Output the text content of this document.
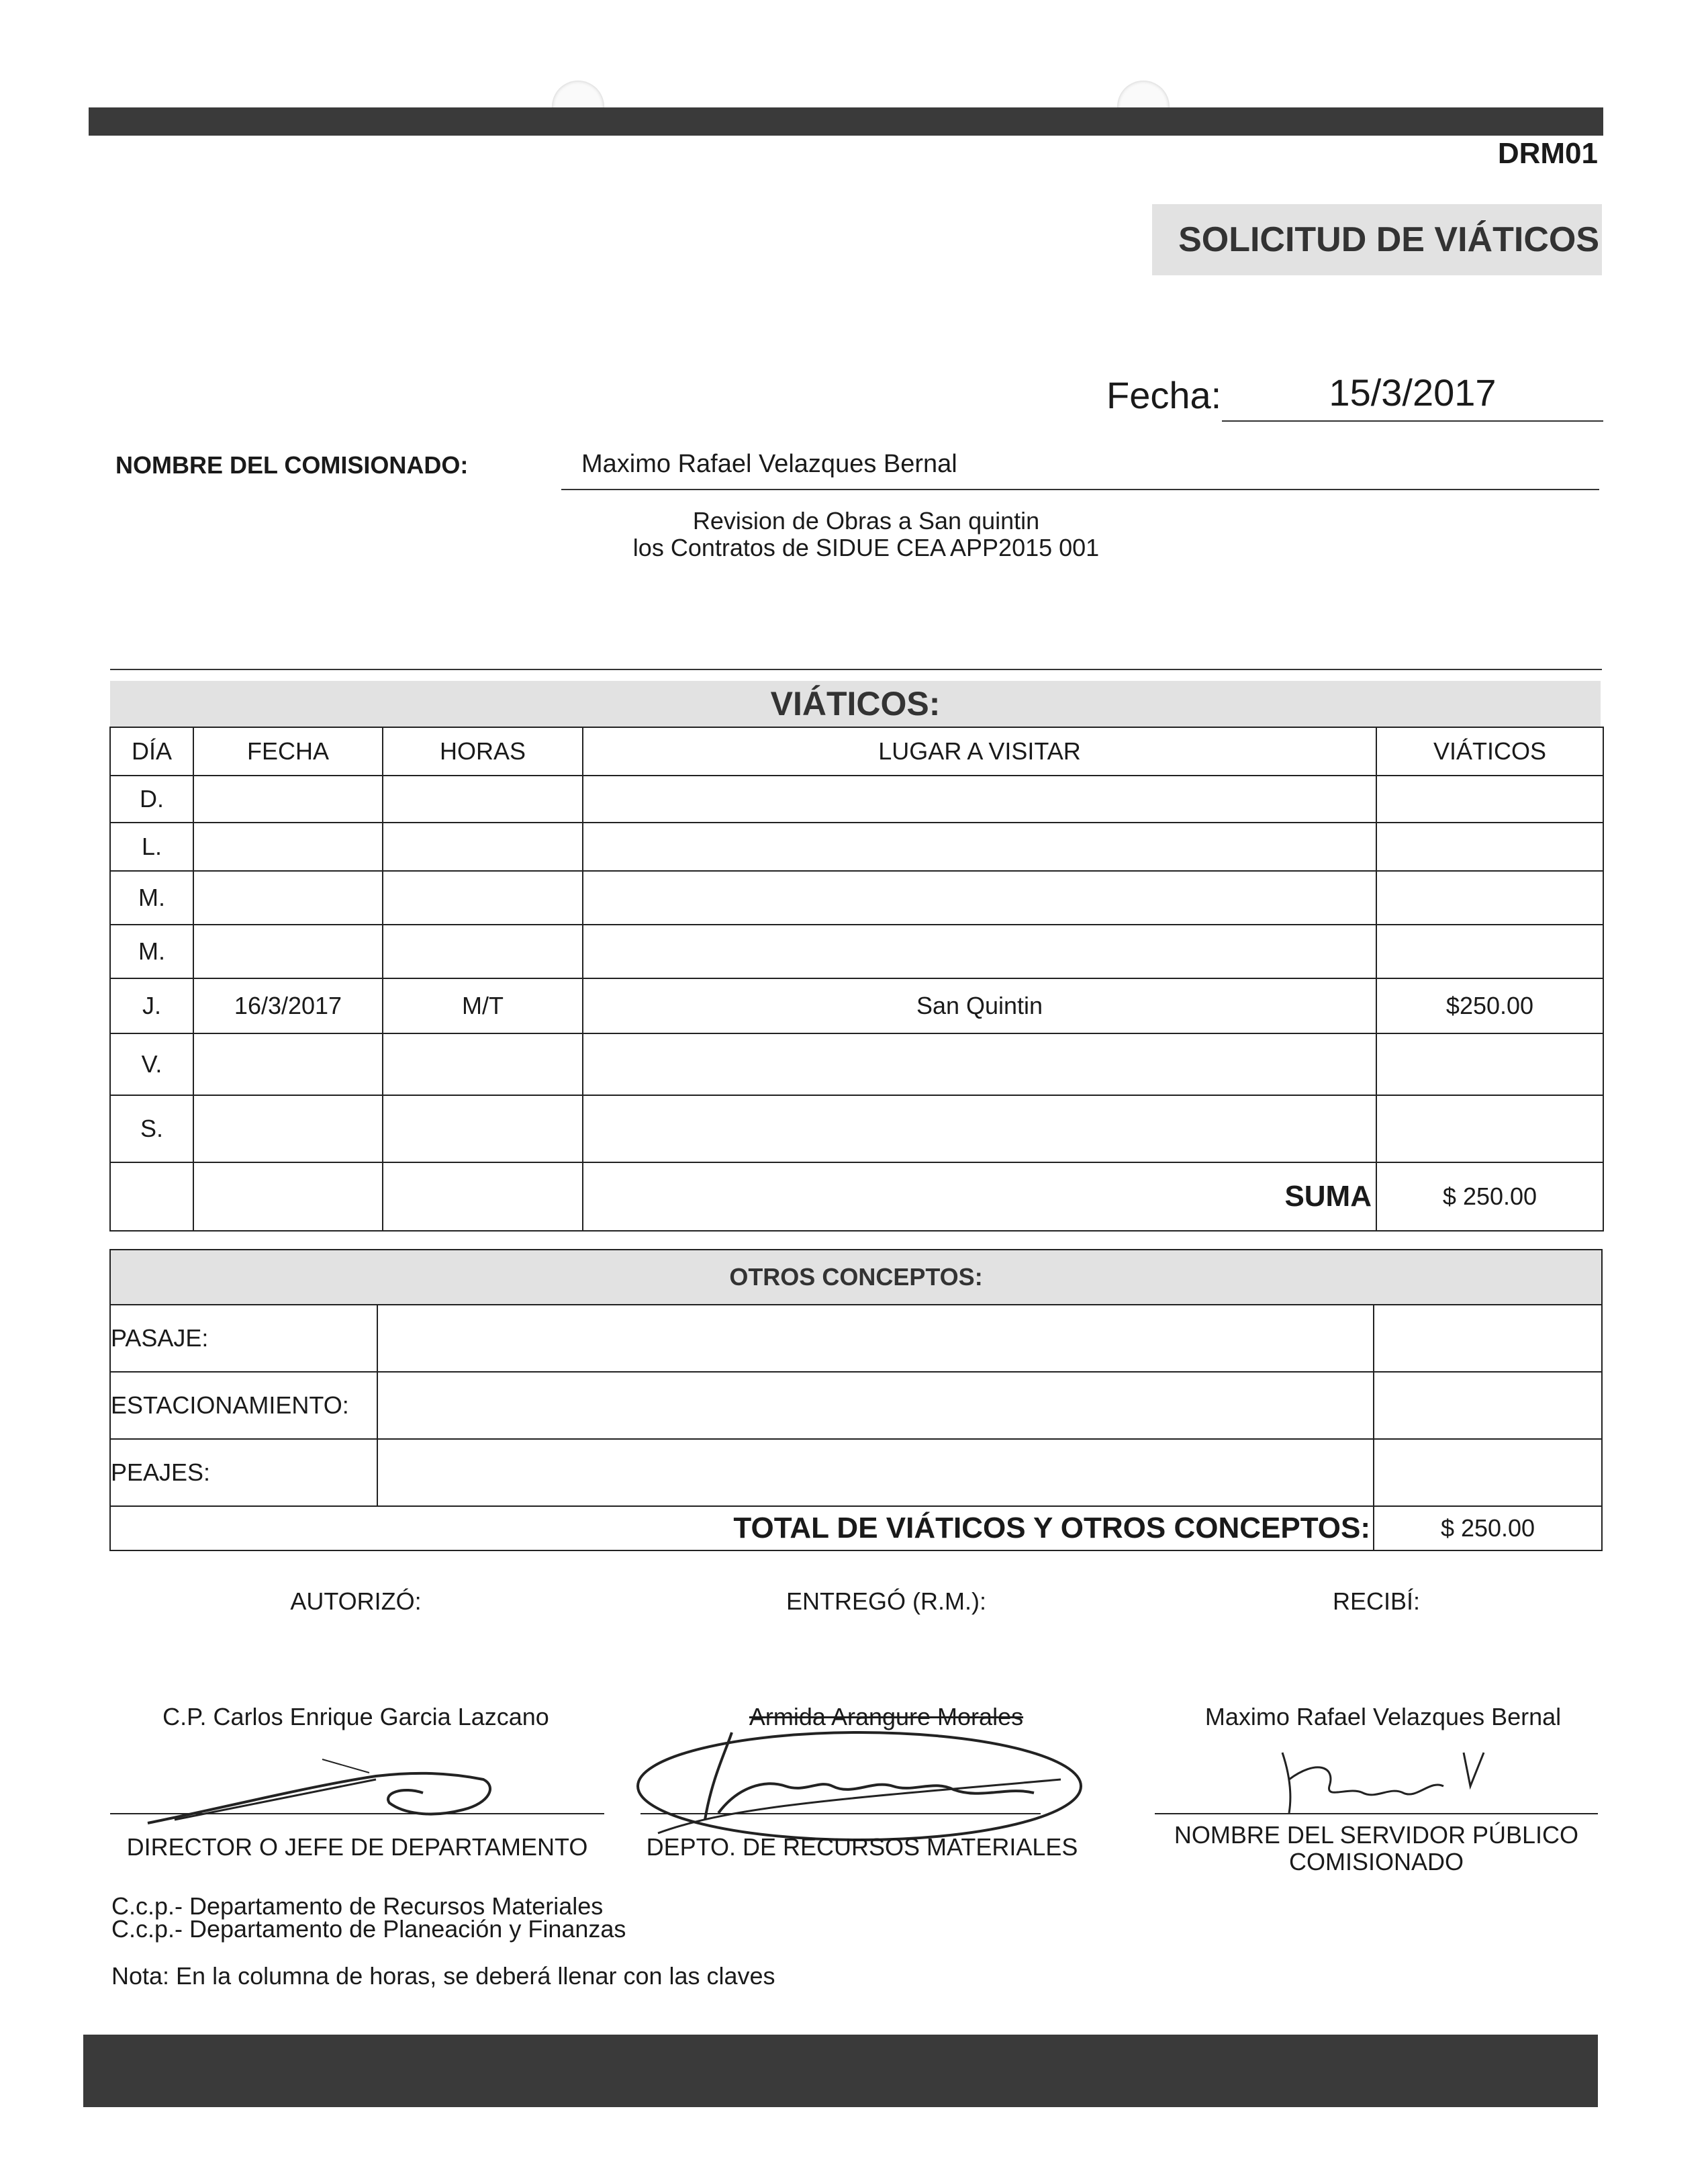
DRM01
SOLICITUD DE VIÁTICOS
Fecha:	15/3/2017
NOMBRE DEL COMISIONADO:	Maximo Rafael Velazques Bernal
Revision de Obras a San quintin
los Contratos de SIDUE CEA APP2015 001
VIÁTICOS:
DÍA	FECHA	HORAS	LUGAR A VISITAR	VIÁTICOS
D.				
L.				
M.				
M.				
J.	16/3/2017	M/T	San Quintin	$250.00
V.				
S.				
			SUMA	$ 250.00
OTROS CONCEPTOS:		
PASAJE:		
ESTACIONAMIENTO:		
PEAJES:		
TOTAL DE VIÁTICOS Y OTROS CONCEPTOS:		$ 250.00
AUTORIZÓ:	ENTREGÓ (R.M.):	RECIBÍ:
C.P. Carlos Enrique Garcia Lazcano	Armida Arangure Morales	Maximo Rafael Velazques Bernal
DIRECTOR O JEFE DE DEPARTAMENTO	DEPTO. DE RECURSOS MATERIALES	NOMBRE DEL SERVIDOR PÚBLICO
COMISIONADO
C.c.p.- Departamento de Recursos Materiales
C.c.p.- Departamento de Planeación y Finanzas
Nota: En la columna de horas, se deberá llenar con las claves
